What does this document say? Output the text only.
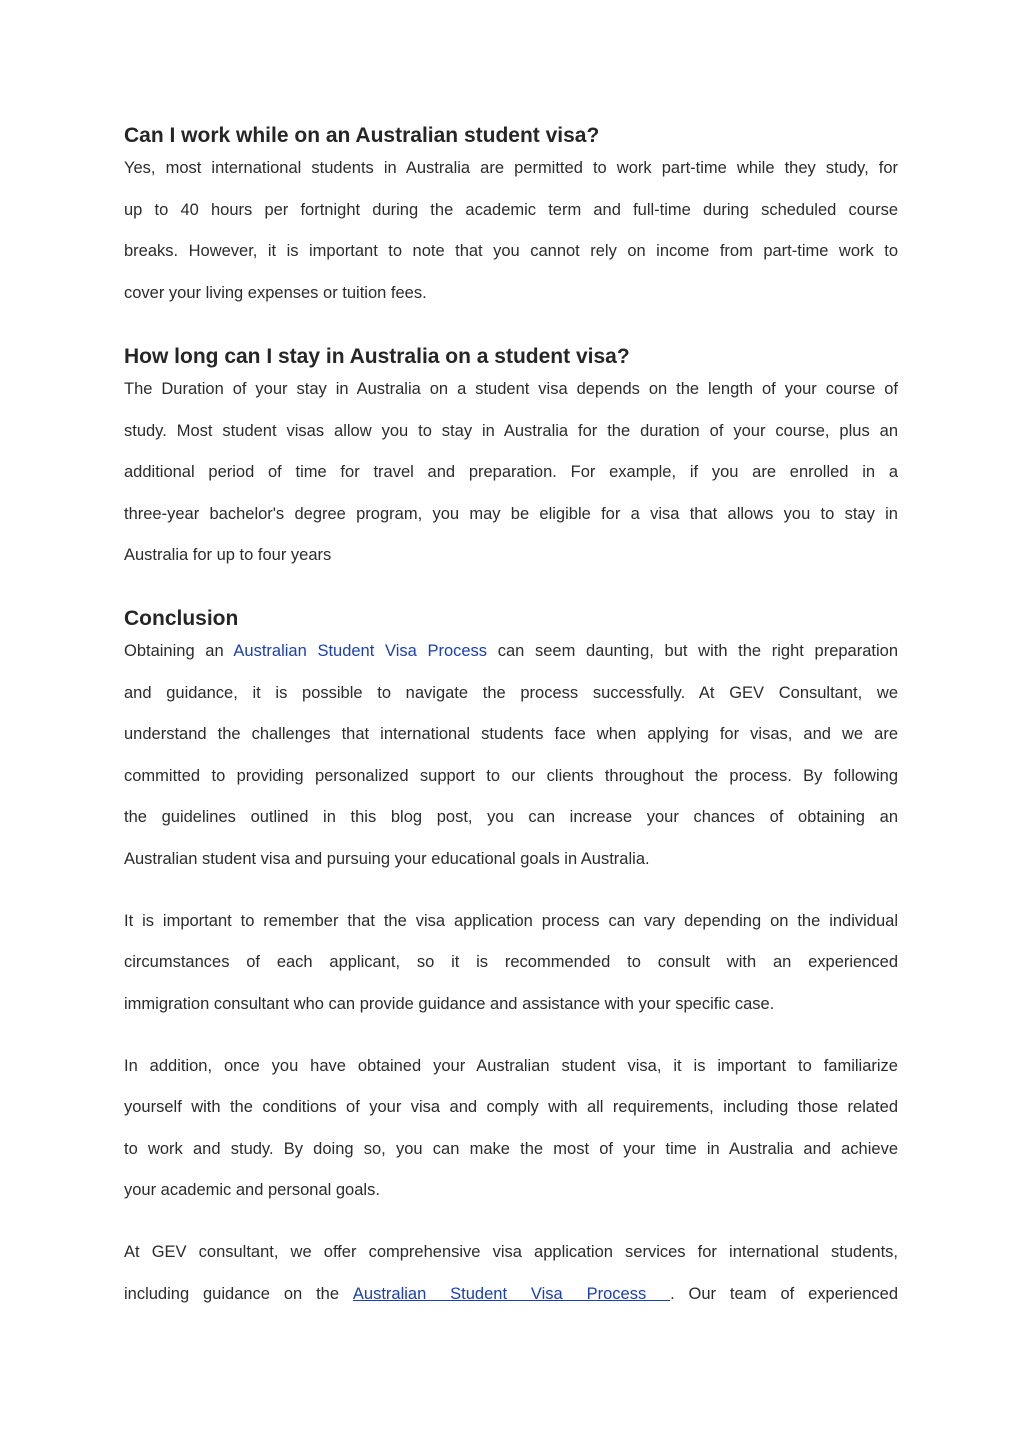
Can I work while on an Australian student visa?

Yes, most international students in Australia are permitted to work part-time while they study, for

up to 40 hours per fortnight during the academic term and full-time during scheduled course

breaks. However, it is important to note that you cannot rely on income from part-time work to

cover your living expenses or tuition fees.

How long can I stay in Australia on a student visa?

The Duration of your stay in Australia on a student visa depends on the length of your course of

study. Most student visas allow you to stay in Australia for the duration of your course, plus an

additional period of time for travel and preparation. For example, if you are enrolled in a

three-year bachelor's degree program, you may be eligible for a visa that allows you to stay in

Australia for up to four years

Conclusion

Obtaining an Australian Student Visa Process can seem daunting, but with the right preparation

and guidance, it is possible to navigate the process successfully. At GEV Consultant, we

understand the challenges that international students face when applying for visas, and we are

committed to providing personalized support to our clients throughout the process. By following

the guidelines outlined in this blog post, you can increase your chances of obtaining an

Australian student visa and pursuing your educational goals in Australia.

It is important to remember that the visa application process can vary depending on the individual

circumstances of each applicant, so it is recommended to consult with an experienced

immigration consultant who can provide guidance and assistance with your specific case.

In addition, once you have obtained your Australian student visa, it is important to familiarize

yourself with the conditions of your visa and comply with all requirements, including those related

to work and study. By doing so, you can make the most of your time in Australia and achieve

your academic and personal goals.

At GEV consultant, we offer comprehensive visa application services for international students,

including guidance on the Australian Student Visa Process . Our team of experienced
